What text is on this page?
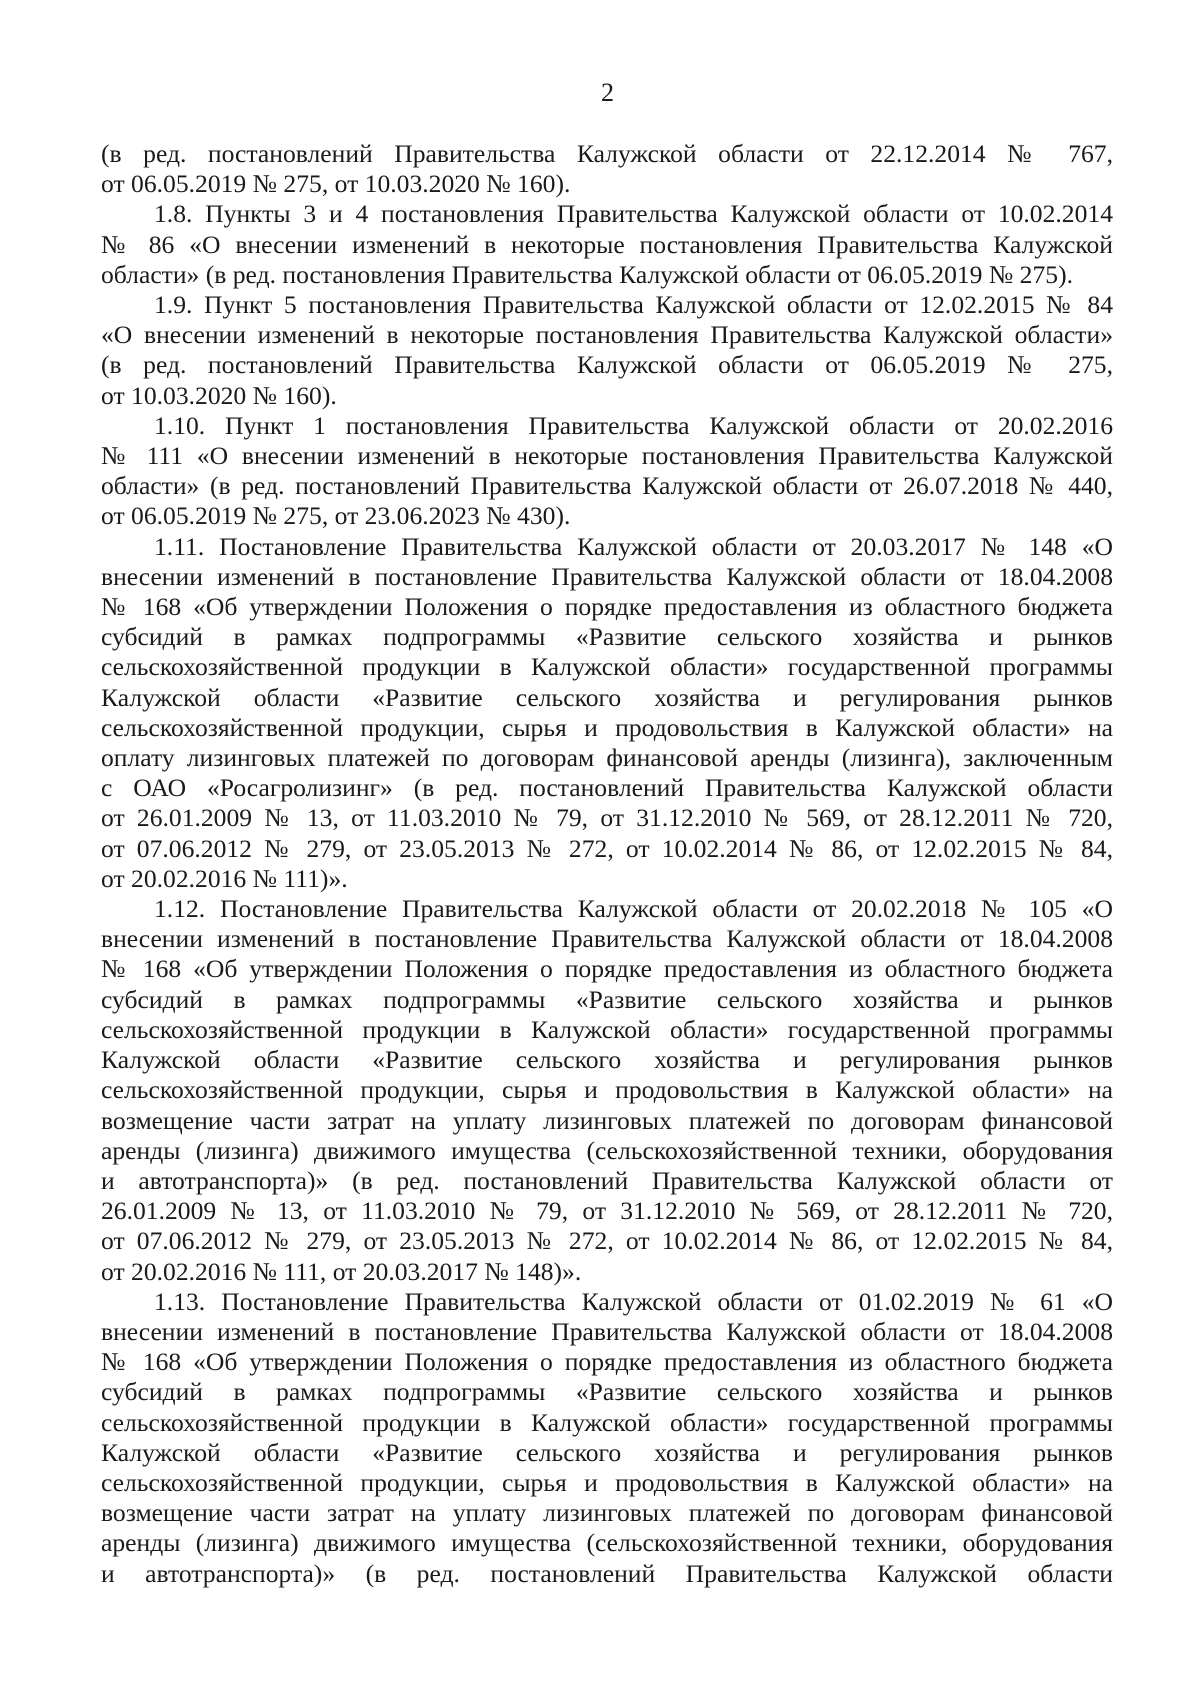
2
(в ред. постановлений Правительства Калужской области от 22.12.2014 № 767,
от 06.05.2019 № 275, от 10.03.2020 № 160).
1.8. Пункты 3 и 4 постановления Правительства Калужской области от 10.02.2014
№ 86 «О внесении изменений в некоторые постановления Правительства Калужской
области» (в ред. постановления Правительства Калужской области от 06.05.2019 № 275).
1.9. Пункт 5 постановления Правительства Калужской области от 12.02.2015 № 84
«О внесении изменений в некоторые постановления Правительства Калужской области»
(в ред. постановлений Правительства Калужской области от 06.05.2019 № 275,
от 10.03.2020 № 160).
1.10. Пункт 1 постановления Правительства Калужской области от 20.02.2016
№ 111 «О внесении изменений в некоторые постановления Правительства Калужской
области» (в ред. постановлений Правительства Калужской области от 26.07.2018 № 440,
от 06.05.2019 № 275, от 23.06.2023 № 430).
1.11. Постановление Правительства Калужской области от 20.03.2017 № 148 «О
внесении изменений в постановление Правительства Калужской области от 18.04.2008
№ 168 «Об утверждении Положения о порядке предоставления из областного бюджета
субсидий в рамках подпрограммы «Развитие сельского хозяйства и рынков
сельскохозяйственной продукции в Калужской области» государственной программы
Калужской области «Развитие сельского хозяйства и регулирования рынков
сельскохозяйственной продукции, сырья и продовольствия в Калужской области» на
оплату лизинговых платежей по договорам финансовой аренды (лизинга), заключенным
с ОАО «Росагролизинг» (в ред. постановлений Правительства Калужской области
от 26.01.2009 № 13, от 11.03.2010 № 79, от 31.12.2010 № 569, от 28.12.2011 № 720,
от 07.06.2012 № 279, от 23.05.2013 № 272, от 10.02.2014 № 86, от 12.02.2015 № 84,
от 20.02.2016 № 111)».
1.12. Постановление Правительства Калужской области от 20.02.2018 № 105 «О
внесении изменений в постановление Правительства Калужской области от 18.04.2008
№ 168 «Об утверждении Положения о порядке предоставления из областного бюджета
субсидий в рамках подпрограммы «Развитие сельского хозяйства и рынков
сельскохозяйственной продукции в Калужской области» государственной программы
Калужской области «Развитие сельского хозяйства и регулирования рынков
сельскохозяйственной продукции, сырья и продовольствия в Калужской области» на
возмещение части затрат на уплату лизинговых платежей по договорам финансовой
аренды (лизинга) движимого имущества (сельскохозяйственной техники, оборудования
и автотранспорта)» (в ред. постановлений Правительства Калужской области от
26.01.2009 № 13, от 11.03.2010 № 79, от 31.12.2010 № 569, от 28.12.2011 № 720,
от 07.06.2012 № 279, от 23.05.2013 № 272, от 10.02.2014 № 86, от 12.02.2015 № 84,
от 20.02.2016 № 111, от 20.03.2017 № 148)».
1.13. Постановление Правительства Калужской области от 01.02.2019 № 61 «О
внесении изменений в постановление Правительства Калужской области от 18.04.2008
№ 168 «Об утверждении Положения о порядке предоставления из областного бюджета
субсидий в рамках подпрограммы «Развитие сельского хозяйства и рынков
сельскохозяйственной продукции в Калужской области» государственной программы
Калужской области «Развитие сельского хозяйства и регулирования рынков
сельскохозяйственной продукции, сырья и продовольствия в Калужской области» на
возмещение части затрат на уплату лизинговых платежей по договорам финансовой
аренды (лизинга) движимого имущества (сельскохозяйственной техники, оборудования
и автотранспорта)» (в ред. постановлений Правительства Калужской области
